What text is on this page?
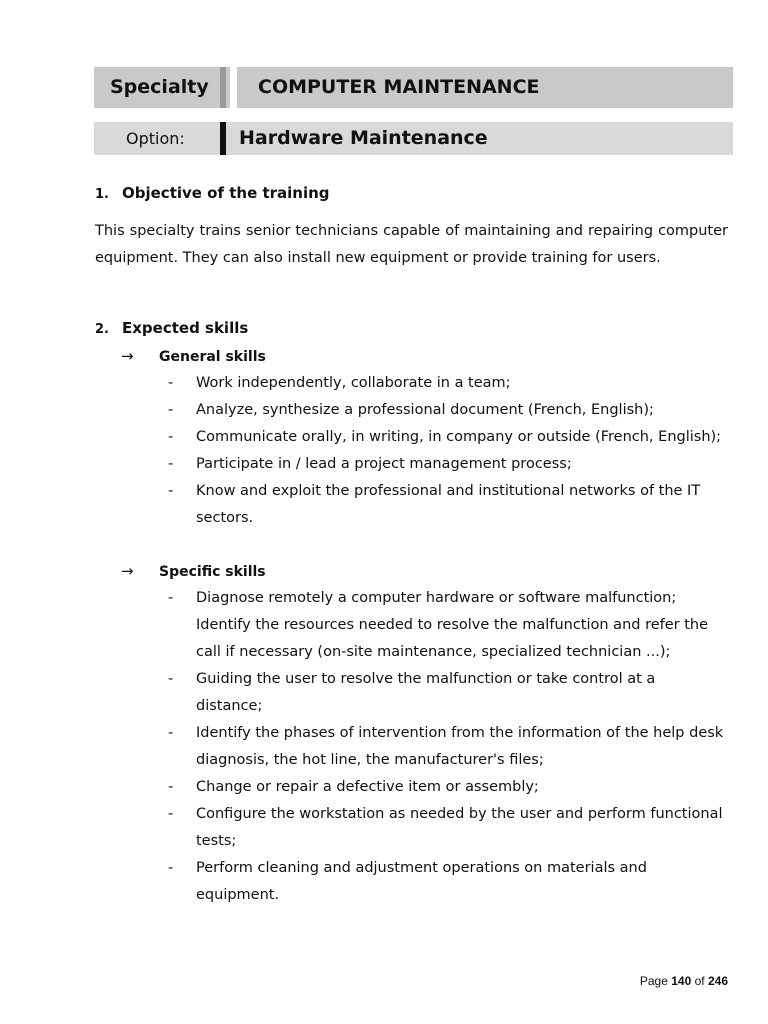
Specialty	COMPUTER MAINTENANCE
Option:	Hardware Maintenance
1. Objective of the training
This specialty trains senior technicians capable of maintaining and repairing computer equipment. They can also install new equipment or provide training for users.
2. Expected skills
→ General skills
- Work independently, collaborate in a team;
- Analyze, synthesize a professional document (French, English);
- Communicate orally, in writing, in company or outside (French, English);
- Participate in / lead a project management process;
- Know and exploit the professional and institutional networks of the IT sectors.
→ Specific skills
- Diagnose remotely a computer hardware or software malfunction; Identify the resources needed to resolve the malfunction and refer the call if necessary (on-site maintenance, specialized technician ...);
- Guiding the user to resolve the malfunction or take control at a distance;
- Identify the phases of intervention from the information of the help desk diagnosis, the hot line, the manufacturer's files;
- Change or repair a defective item or assembly;
- Configure the workstation as needed by the user and perform functional tests;
- Perform cleaning and adjustment operations on materials and equipment.
Page 140 of 246
